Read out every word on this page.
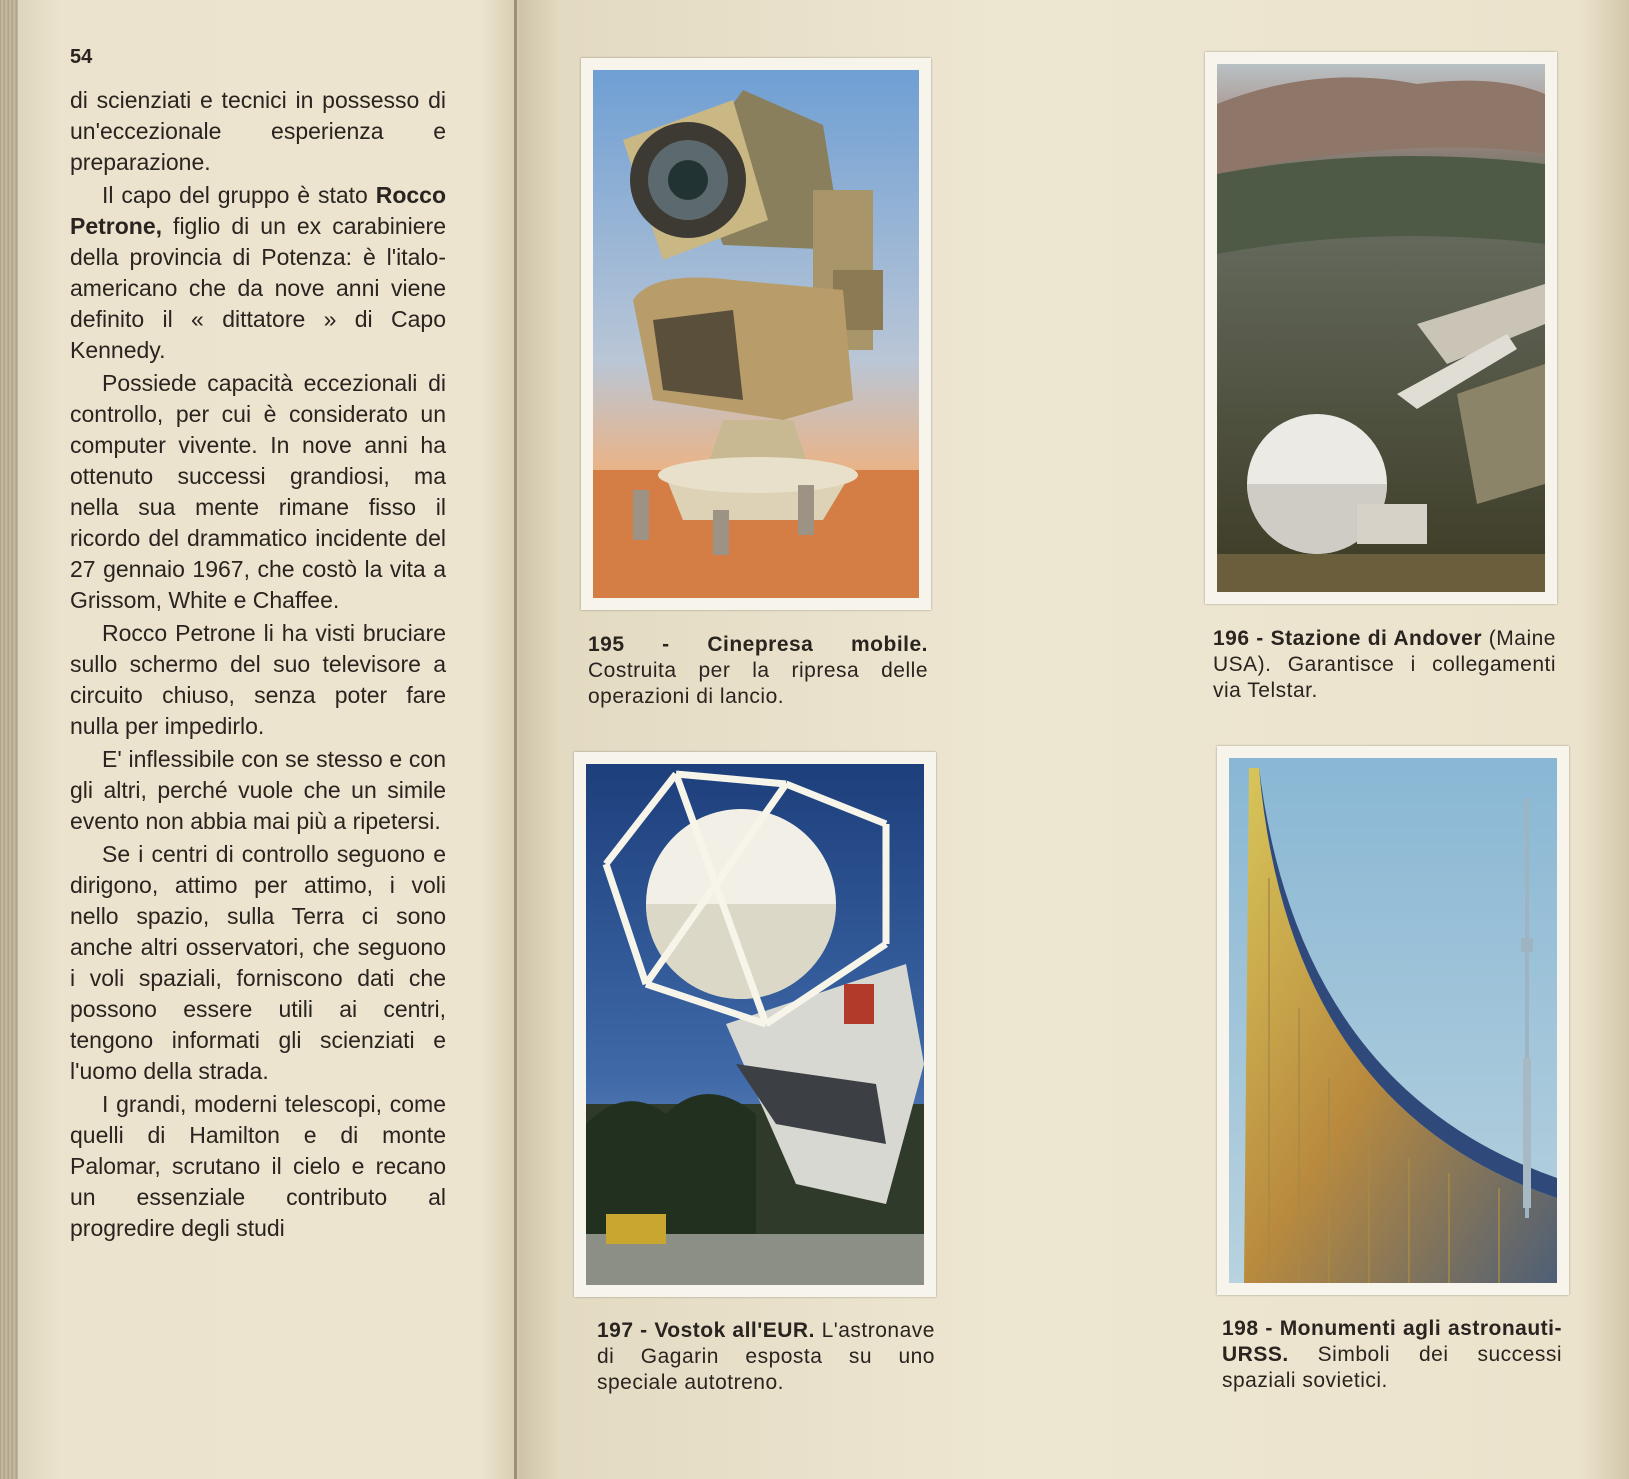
54

di scienziati e tecnici in possesso di un'eccezionale esperienza e preparazione.

Il capo del gruppo è stato Rocco Petrone, figlio di un ex carabiniere della provincia di Potenza: è l'italo-americano che da nove anni viene definito il « dittatore » di Capo Kennedy.

Possiede capacità eccezionali di controllo, per cui è considerato un computer vivente. In nove anni ha ottenuto successi grandiosi, ma nella sua mente rimane fisso il ricordo del drammatico incidente del 27 gennaio 1967, che costò la vita a Grissom, White e Chaffee.

Rocco Petrone li ha visti bruciare sullo schermo del suo televisore a circuito chiuso, senza poter fare nulla per impedirlo.

E' inflessibile con se stesso e con gli altri, perché vuole che un simile evento non abbia mai più a ripetersi.

Se i centri di controllo seguono e dirigono, attimo per attimo, i voli nello spazio, sulla Terra ci sono anche altri osservatori, che seguono i voli spaziali, forniscono dati che possono essere utili ai centri, tengono informati gli scienziati e l'uomo della strada.

I grandi, moderni telescopi, come quelli di Hamilton e di monte Palomar, scrutano il cielo e recano un essenziale contributo al progredire degli studi

195 - Cinepresa mobile. Costruita per la ripresa delle operazioni di lancio.
196 - Stazione di Andover (Maine USA). Garantisce i collegamenti via Telstar.
197 - Vostok all'EUR. L'astronave di Gagarin esposta su uno speciale autotreno.
198 - Monumenti agli astronauti-URSS. Simboli dei successi spaziali sovietici.
